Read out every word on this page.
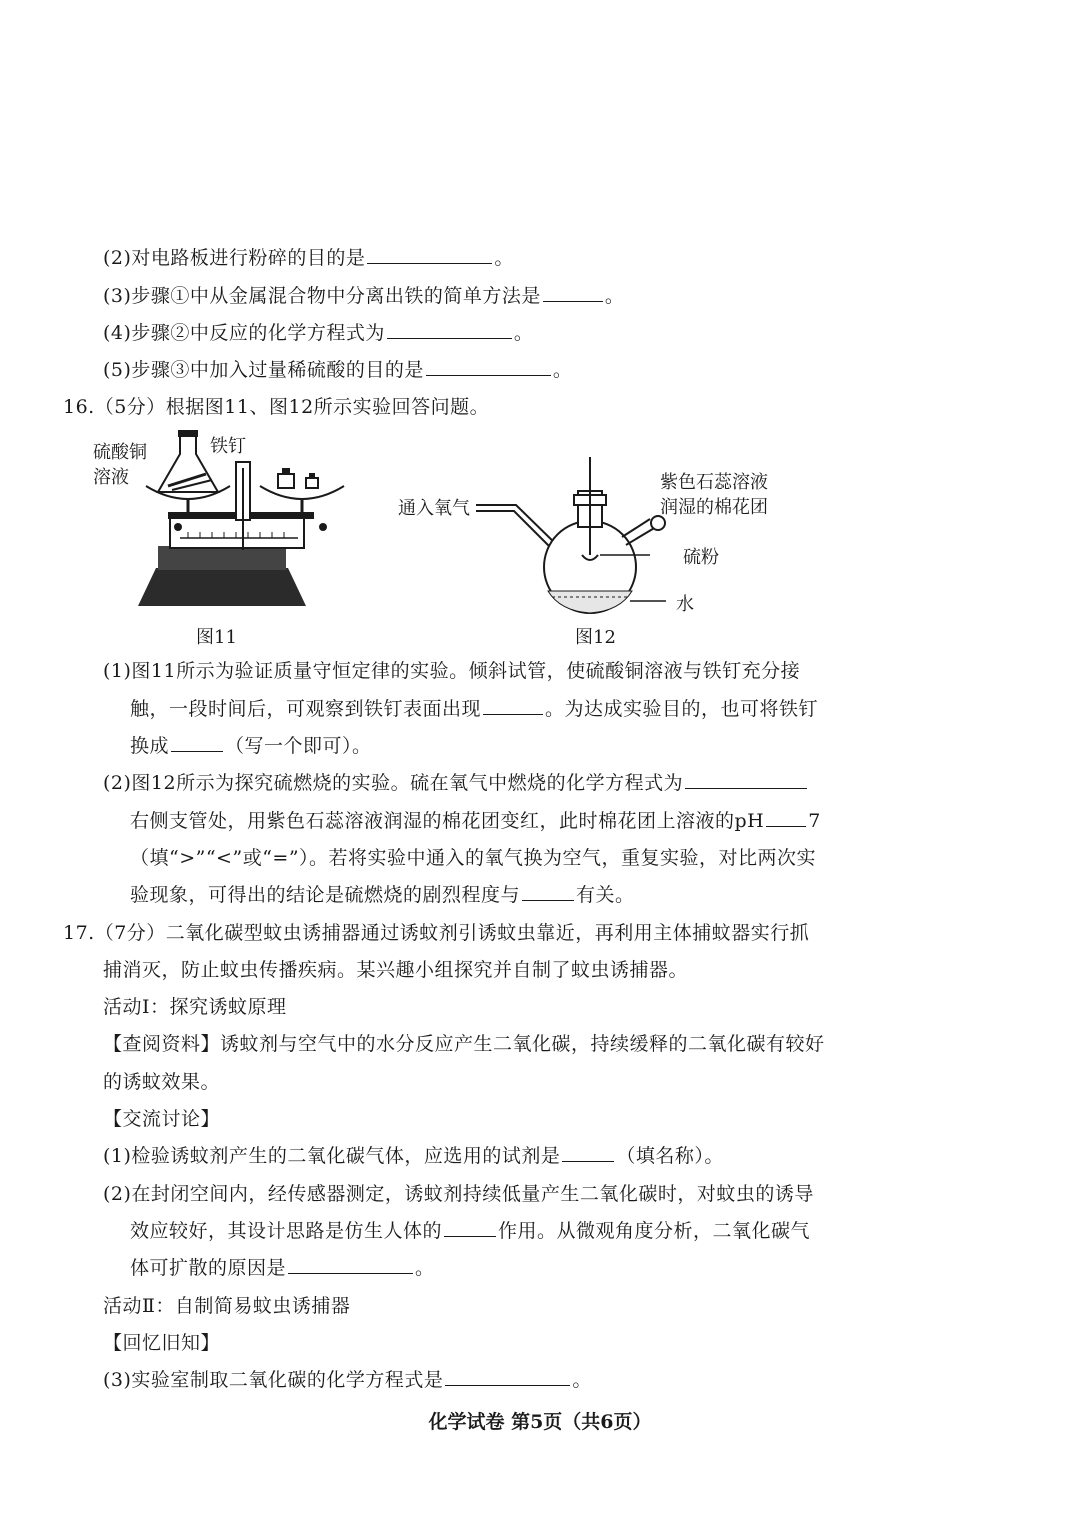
(2)对电路板进行粉碎的目的是	。
(3)步骤①中从金属混合物中分离出铁的简单方法是	。
(4)步骤②中反应的化学方程式为	。
(5)步骤③中加入过量稀硫酸的目的是	。
16.（5分）根据图11、图12所示实验回答问题。
硫酸铜
溶液
铁钉
图11
通入氧气
紫色石蕊溶液
润湿的棉花团
硫粉
水
图12
(1)图11所示为验证质量守恒定律的实验。倾斜试管，使硫酸铜溶液与铁钉充分接
触，一段时间后，可观察到铁钉表面出现	。为达成实验目的，也可将铁钉
换成	（写一个即可）。
(2)图12所示为探究硫燃烧的实验。硫在氧气中燃烧的化学方程式为
右侧支管处，用紫色石蕊溶液润湿的棉花团变红，此时棉花团上溶液的pH 7
（填“>”“<”或“=”）。若将实验中通入的氧气换为空气，重复实验，对比两次实
验现象，可得出的结论是硫燃烧的剧烈程度与	有关。
17.（7分）二氧化碳型蚊虫诱捕器通过诱蚊剂引诱蚊虫靠近，再利用主体捕蚊器实行抓
捕消灭，防止蚊虫传播疾病。某兴趣小组探究并自制了蚊虫诱捕器。
活动Ⅰ：探究诱蚊原理
【查阅资料】诱蚊剂与空气中的水分反应产生二氧化碳，持续缓释的二氧化碳有较好
的诱蚊效果。
【交流讨论】
(1)检验诱蚊剂产生的二氧化碳气体，应选用的试剂是	（填名称）。
(2)在封闭空间内，经传感器测定，诱蚊剂持续低量产生二氧化碳时，对蚊虫的诱导
效应较好，其设计思路是仿生人体的	作用。从微观角度分析，二氧化碳气
体可扩散的原因是	。
活动Ⅱ：自制简易蚊虫诱捕器
【回忆旧知】
(3)实验室制取二氧化碳的化学方程式是	。
化学试卷 第5页（共6页）
